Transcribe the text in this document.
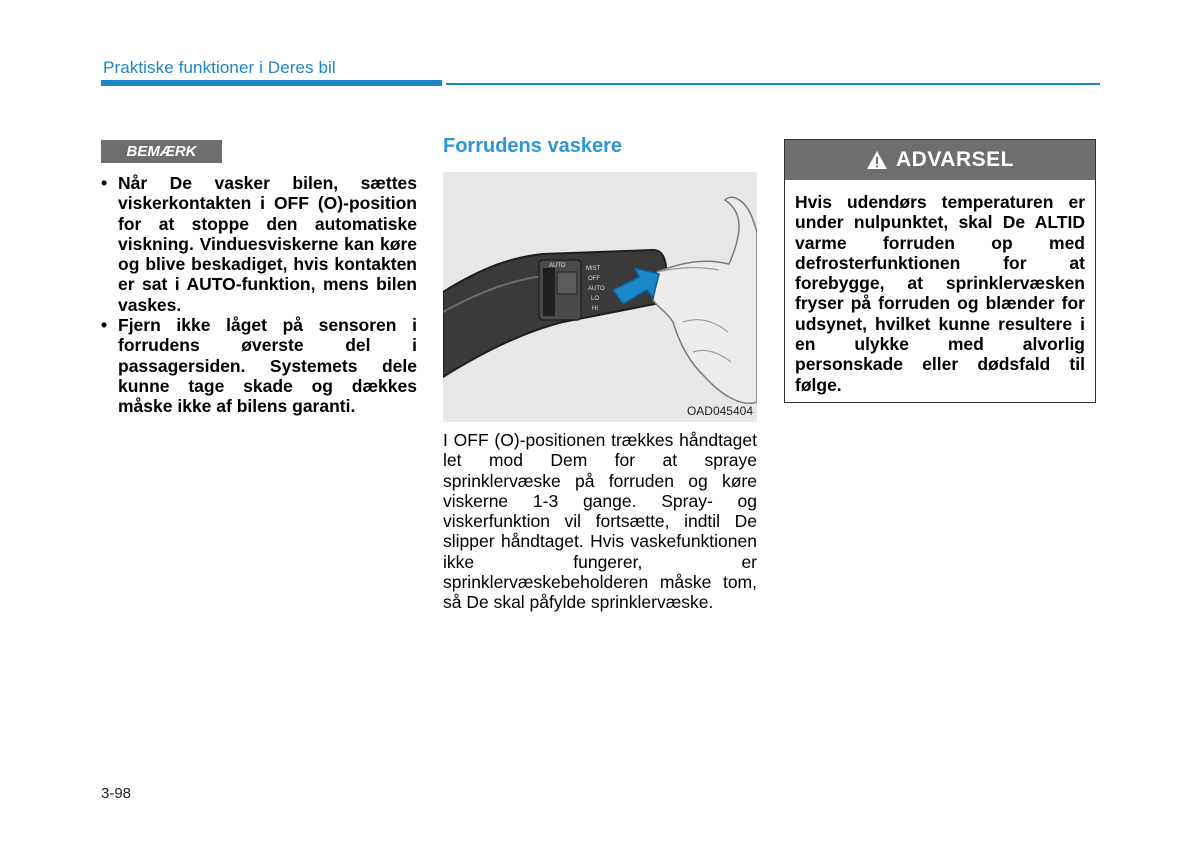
Praktiske funktioner i Deres bil
BEMÆRK
• Når De vasker bilen, sættes viskerkontakten i OFF (O)-position for at stoppe den automatiske viskning. Vinduesviskerne kan køre og blive beskadiget, hvis kontakten er sat i AUTO-funktion, mens bilen vaskes.
• Fjern ikke låget på sensoren i forrudens øverste del i passagersiden. Systemets dele kunne tage skade og dækkes måske ikke af bilens garanti.
Forrudens vaskere
AUTO	MIST
OFF
AUTO
LO
HI
OAD045404

I OFF (O)-positionen trækkes håndtaget let mod Dem for at spraye sprinklervæske på forruden og køre viskerne 1-3 gange. Spray- og viskerfunktion vil fortsætte, indtil De slipper håndtaget. Hvis vaskefunktionen ikke fungerer, er sprinklervæskebeholderen måske tom, så De skal påfylde sprinklervæske.

ADVARSEL
Hvis udendørs temperaturen er under nulpunktet, skal De ALTID varme forruden op med defrosterfunktionen for at forebygge, at sprinklervæsken fryser på forruden og blænder for udsynet, hvilket kunne resultere i en ulykke med alvorlig personskade eller dødsfald til følge.
3-98
